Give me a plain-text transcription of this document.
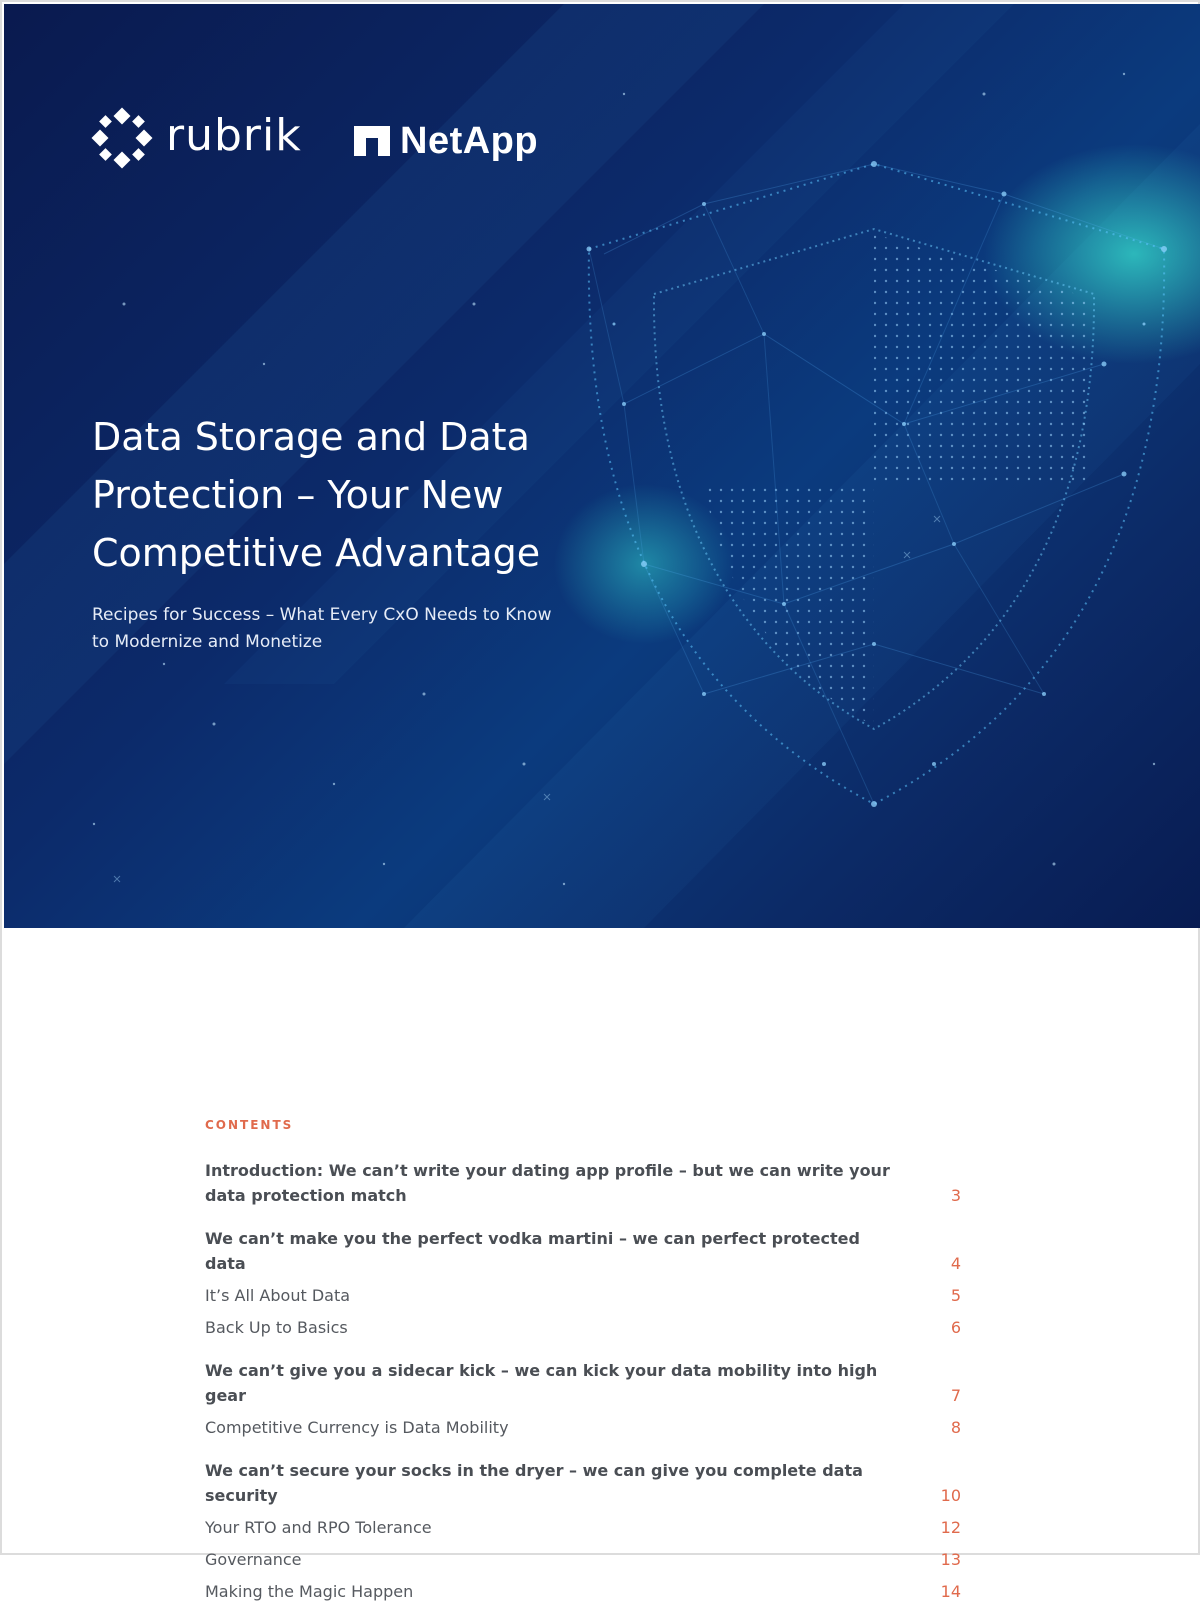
rubrik	NetApp
Data Storage and Data
Protection – Your New
Competitive Advantage

Recipes for Success – What Every CxO Needs to Know
to Modernize and Monetize

CONTENTS
Introduction: We can’t write your dating app profile – but we can write your data protection match	3
We can’t make you the perfect vodka martini – we can perfect protected data	4
It’s All About Data	5
Back Up to Basics	6
We can’t give you a sidecar kick – we can kick your data mobility into high gear	7
Competitive Currency is Data Mobility	8
We can’t secure your socks in the dryer – we can give you complete data security	10
Your RTO and RPO Tolerance	12
Governance	13
Making the Magic Happen	14
